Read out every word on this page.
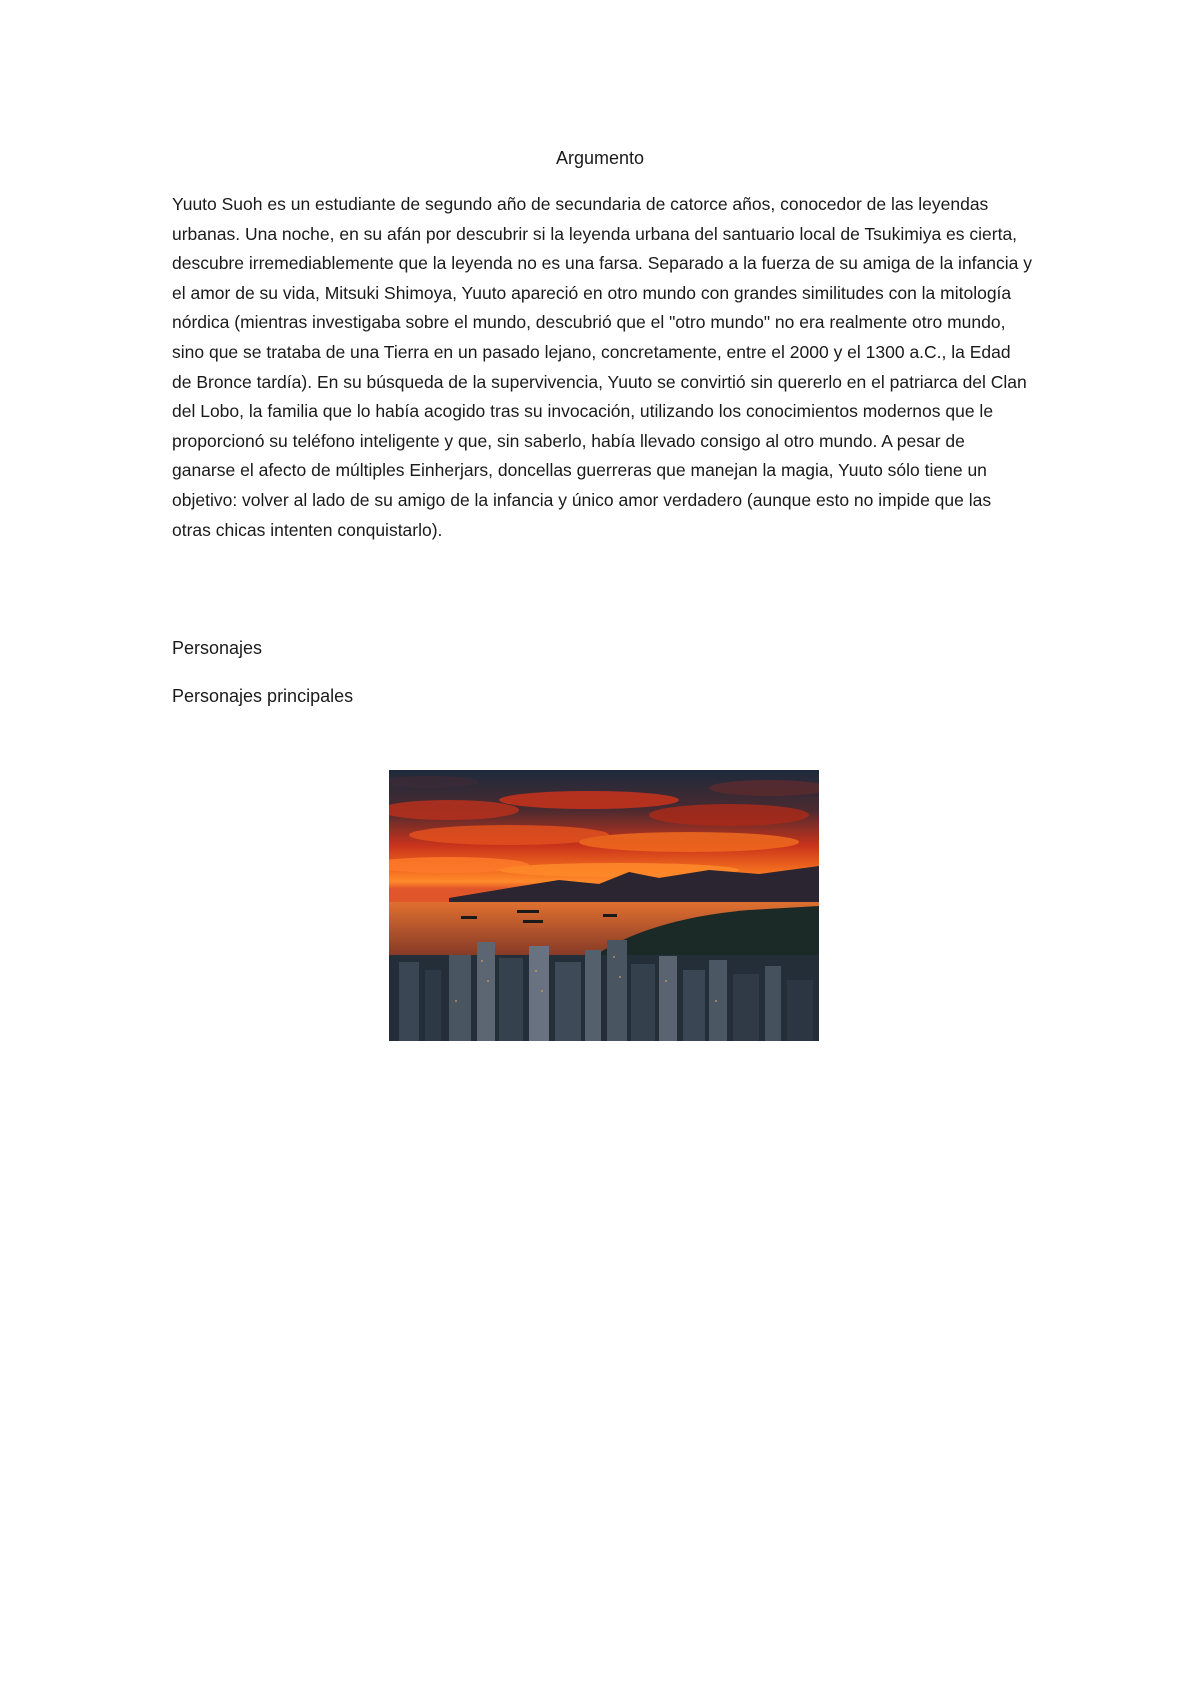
Argumento
Yuuto Suoh es un estudiante de segundo año de secundaria de catorce años, conocedor de las leyendas urbanas. Una noche, en su afán por descubrir si la leyenda urbana del santuario local de Tsukimiya es cierta, descubre irremediablemente que la leyenda no es una farsa. Separado a la fuerza de su amiga de la infancia y el amor de su vida, Mitsuki Shimoya, Yuuto apareció en otro mundo con grandes similitudes con la mitología nórdica (mientras investigaba sobre el mundo, descubrió que el "otro mundo" no era realmente otro mundo, sino que se trataba de una Tierra en un pasado lejano, concretamente, entre el 2000 y el 1300 a.C., la Edad de Bronce tardía). En su búsqueda de la supervivencia, Yuuto se convirtió sin quererlo en el patriarca del Clan del Lobo, la familia que lo había acogido tras su invocación, utilizando los conocimientos modernos que le proporcionó su teléfono inteligente y que, sin saberlo, había llevado consigo al otro mundo. A pesar de ganarse el afecto de múltiples Einherjars, doncellas guerreras que manejan la magia, Yuuto sólo tiene un objetivo: volver al lado de su amigo de la infancia y único amor verdadero (aunque esto no impide que las otras chicas intenten conquistarlo).
Personajes
Personajes principales
